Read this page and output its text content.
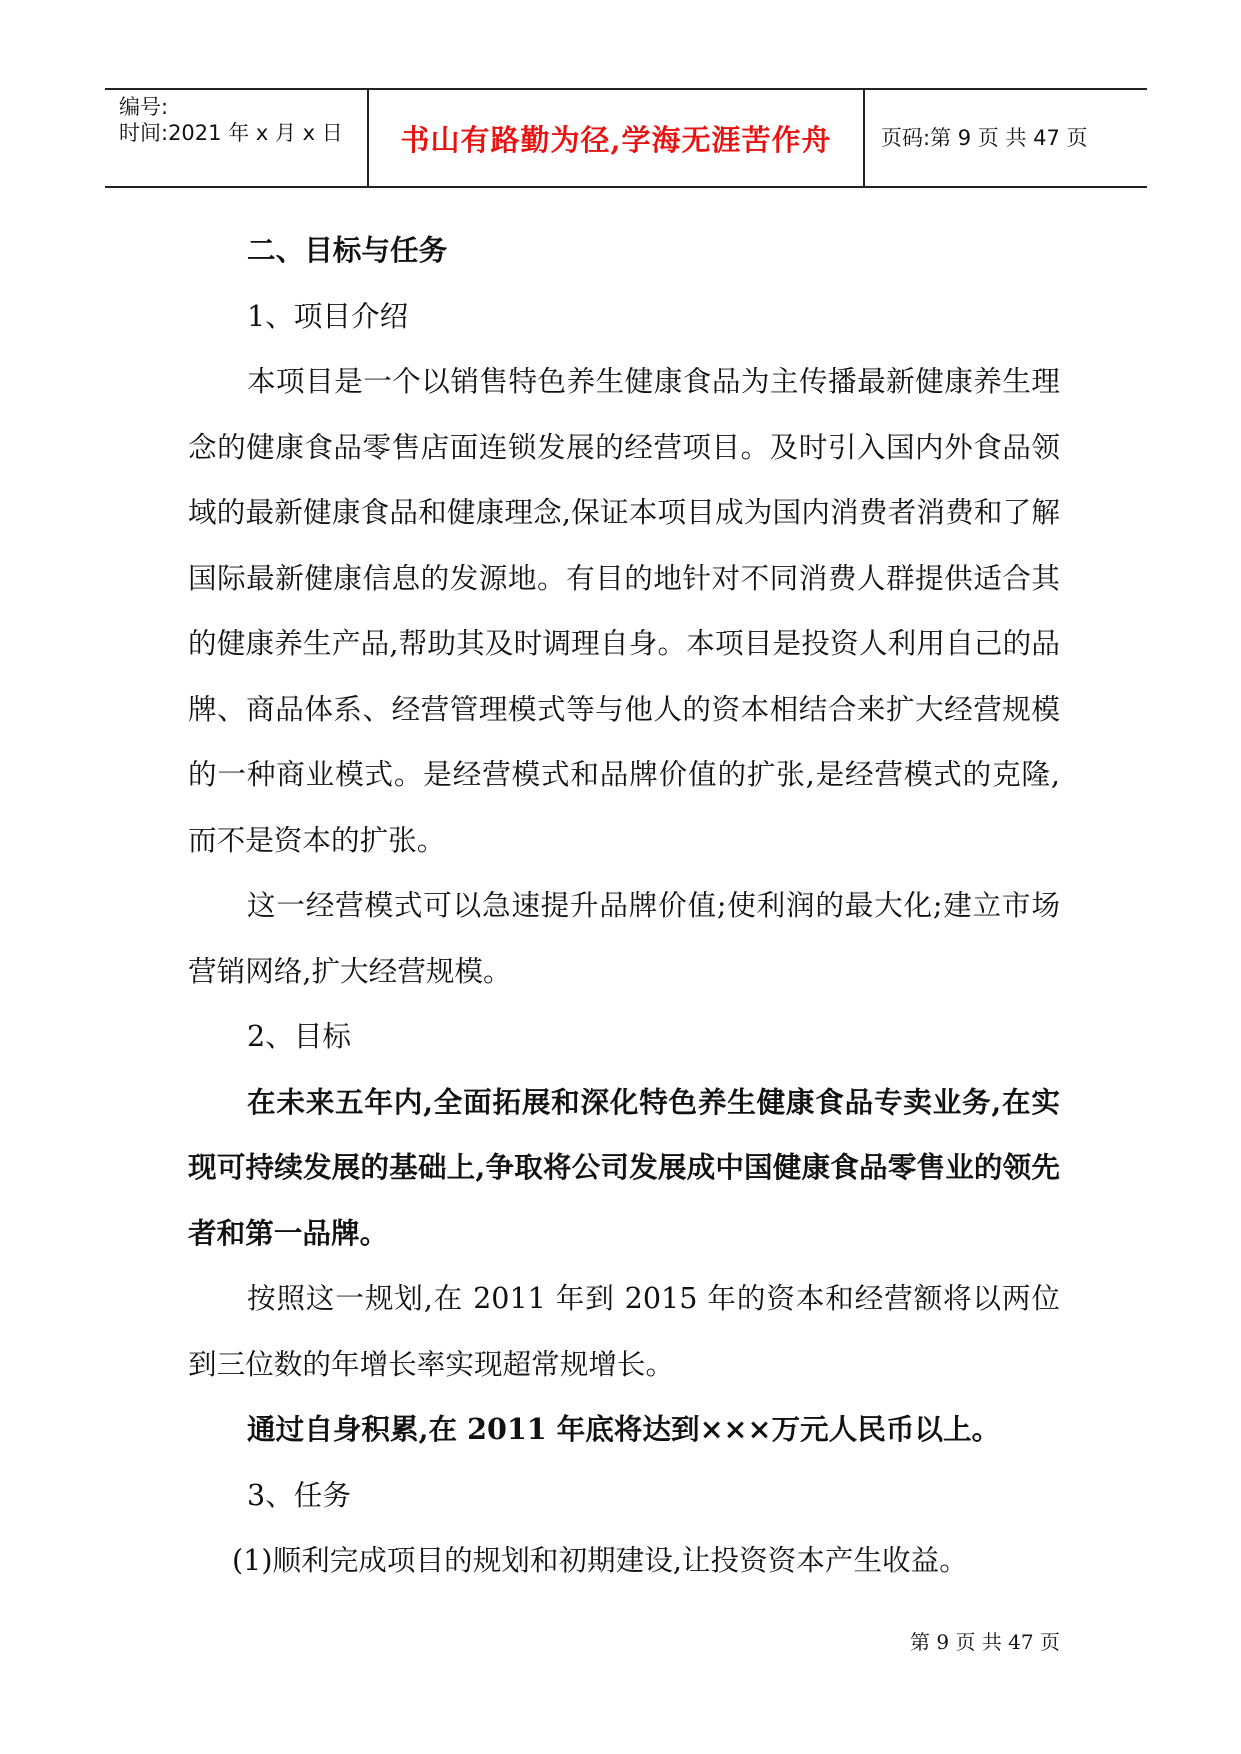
编号:
时间:2021 年 x 月 x 日 书山有路勤为径,学海无涯苦作舟 页码:第 9 页 共 47 页

二、目标与任务

1、项目介绍

本项目是一个以销售特色养生健康食品为主传播最新健康养生理念的健康食品零售店面连锁发展的经营项目。及时引入国内外食品领域的最新健康食品和健康理念,保证本项目成为国内消费者消费和了解国际最新健康信息的发源地。有目的地针对不同消费人群提供适合其的健康养生产品,帮助其及时调理自身。本项目是投资人利用自己的品牌、商品体系、经营管理模式等与他人的资本相结合来扩大经营规模的一种商业模式。是经营模式和品牌价值的扩张,是经营模式的克隆,而不是资本的扩张。

这一经营模式可以急速提升品牌价值;使利润的最大化;建立市场营销网络,扩大经营规模。

2、目标

在未来五年内,全面拓展和深化特色养生健康食品专卖业务,在实现可持续发展的基础上,争取将公司发展成中国健康食品零售业的领先者和第一品牌。

按照这一规划,在 2011 年到 2015 年的资本和经营额将以两位到三位数的年增长率实现超常规增长。

通过自身积累,在 2011 年底将达到×××万元人民币以上。

3、任务

(1)顺利完成项目的规划和初期建设,让投资资本产生收益。

第 9 页 共 47 页
